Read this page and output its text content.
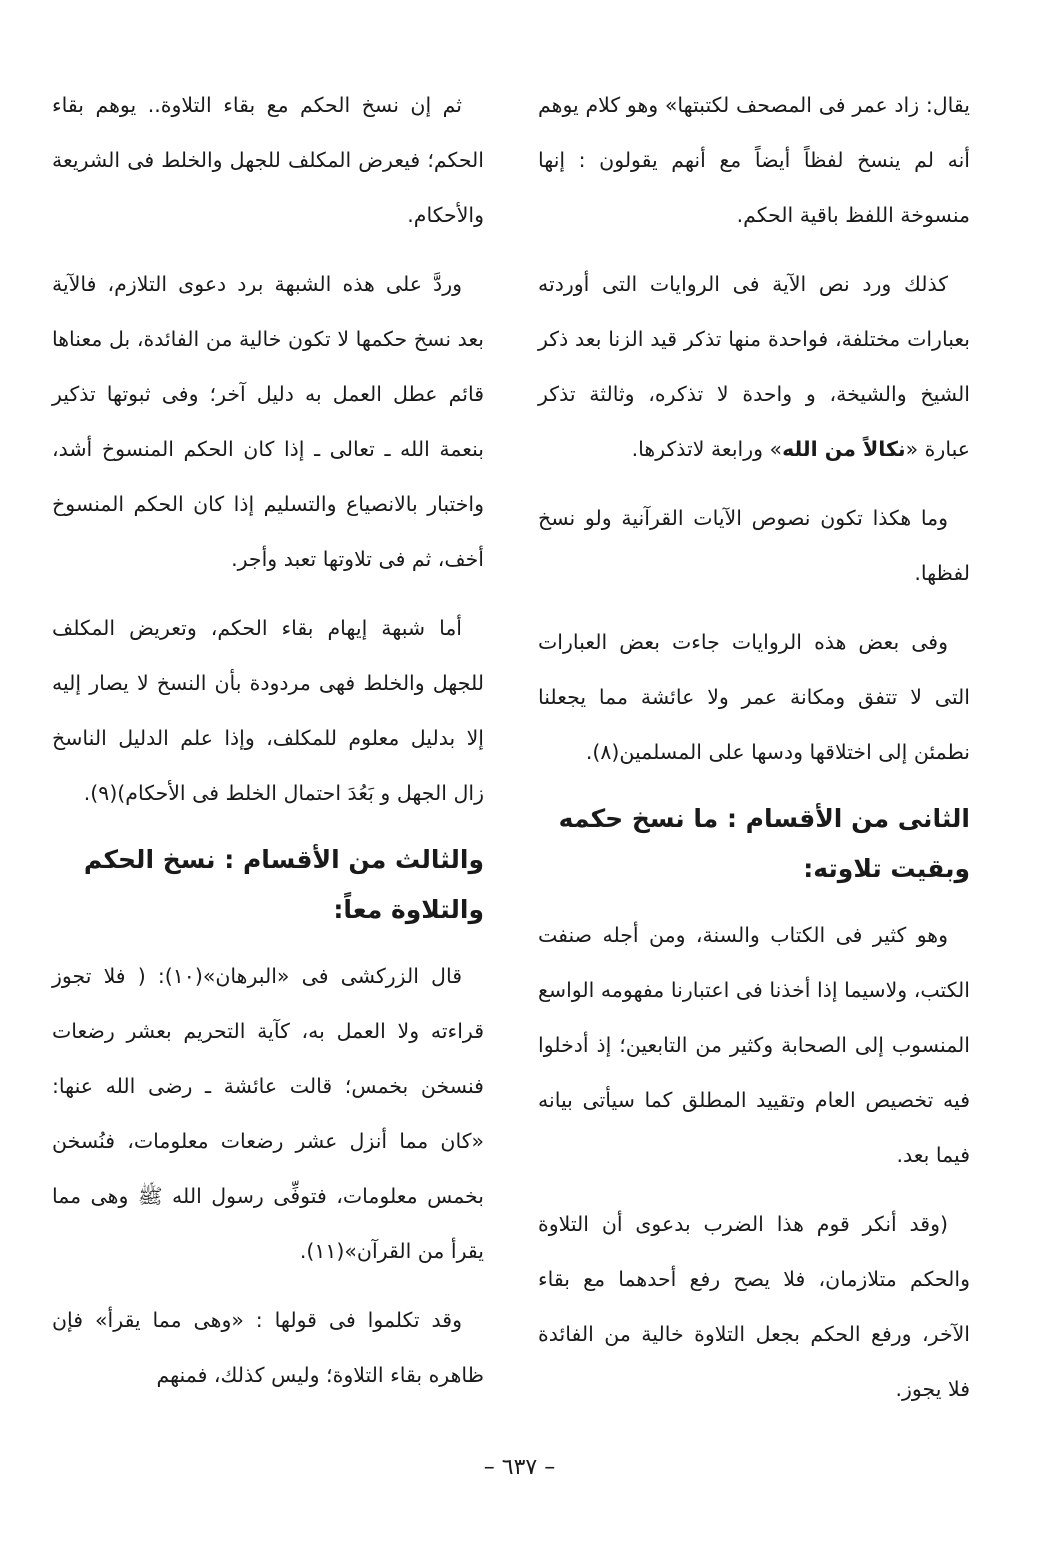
يقال: زاد عمر فى المصحف لكتبتها» وهو كلام يوهم أنه لم ينسخ لفظاً أيضاً مع أنهم يقولون : إنها منسوخة اللفظ باقية الحكم.

كذلك ورد نص الآية فى الروايات التى أوردته بعبارات مختلفة، فواحدة منها تذكر قيد الزنا بعد ذكر الشيخ والشيخة، و واحدة لا تذكره، وثالثة تذكر عبارة «نكالاً من الله» ورابعة لاتذكرها.

وما هكذا تكون نصوص الآيات القرآنية ولو نسخ لفظها.

وفى بعض هذه الروايات جاءت بعض العبارات التى لا تتفق ومكانة عمر ولا عائشة مما يجعلنا نطمئن إلى اختلاقها ودسها على المسلمين(٨).

الثانى من الأقسام : ما نسخ حكمه وبقيت تلاوته:

وهو كثير فى الكتاب والسنة، ومن أجله صنفت الكتب، ولاسيما إذا أخذنا فى اعتبارنا مفهومه الواسع المنسوب إلى الصحابة وكثير من التابعين؛ إذ أدخلوا فيه تخصيص العام وتقييد المطلق كما سيأتى بيانه فيما بعد.

(وقد أنكر قوم هذا الضرب بدعوى أن التلاوة والحكم متلازمان، فلا يصح رفع أحدهما مع بقاء الآخر، ورفع الحكم بجعل التلاوة خالية من الفائدة فلا يجوز.

ثم إن نسخ الحكم مع بقاء التلاوة.. يوهم بقاء الحكم؛ فيعرض المكلف للجهل والخلط فى الشريعة والأحكام.

وردَّ على هذه الشبهة برد دعوى التلازم، فالآية بعد نسخ حكمها لا تكون خالية من الفائدة، بل معناها قائم عطل العمل به دليل آخر؛ وفى ثبوتها تذكير بنعمة الله ـ تعالى ـ إذا كان الحكم المنسوخ أشد، واختبار بالانصياع والتسليم إذا كان الحكم المنسوخ أخف، ثم فى تلاوتها تعبد وأجر.

أما شبهة إيهام بقاء الحكم، وتعريض المكلف للجهل والخلط فهى مردودة بأن النسخ لا يصار إليه إلا بدليل معلوم للمكلف، وإذا علم الدليل الناسخ زال الجهل و بَعُدَ احتمال الخلط فى الأحكام)(٩).

والثالث من الأقسام : نسخ الحكم والتلاوة معاً:

قال الزركشى فى «البرهان»(١٠): ( فلا تجوز قراءته ولا العمل به، كآية التحريم بعشر رضعات فنسخن بخمس؛ قالت عائشة ـ رضى الله عنها: «كان مما أنزل عشر رضعات معلومات، فنُسخن بخمس معلومات، فتوفِّى رسول الله ﷺ وهى مما يقرأ من القرآن»(١١).

وقد تكلموا فى قولها : «وهى مما يقرأ» فإن ظاهره بقاء التلاوة؛ وليس كذلك، فمنهم

– ٦٣٧ –
